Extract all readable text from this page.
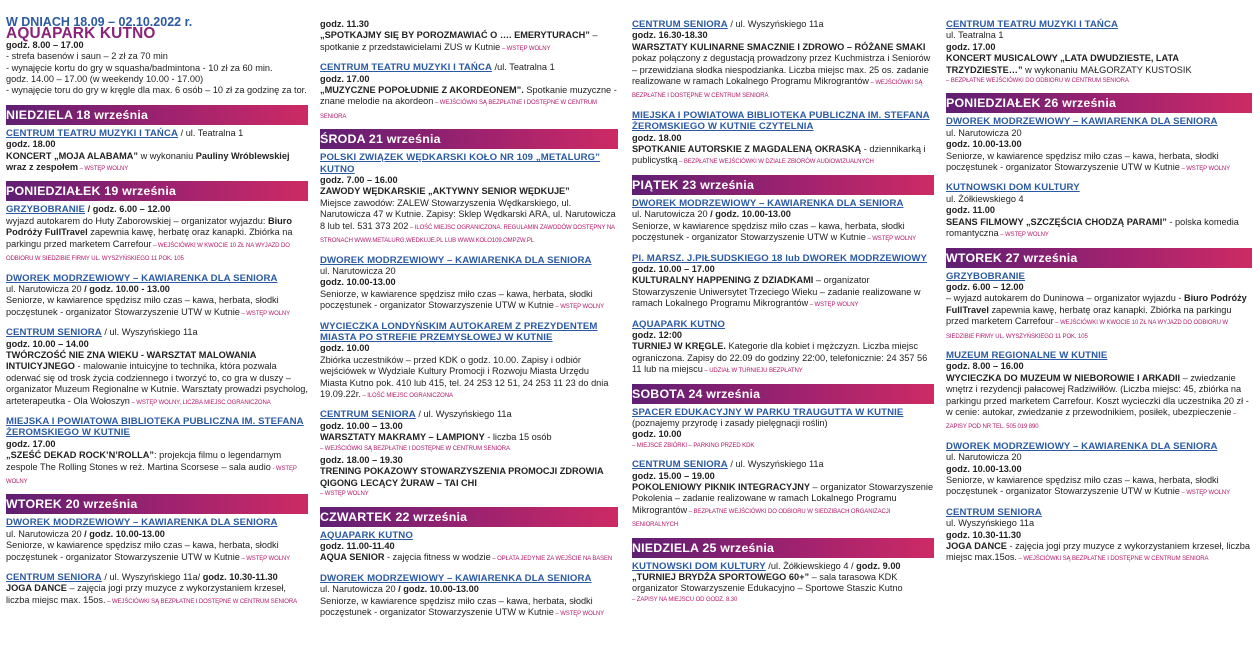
W DNIACH 18.09 – 02.10.2022 r.
AQUAPARK KUTNO

godz. 8.00 – 17.00

- strefa basenów i saun – 2 zł za 70 min

- wynajęcie kortu do gry w squasha/badmintona - 10 zł za 60 min.

godz. 14.00 – 17.00 (w weekendy 10.00 - 17.00)

- wynajęcie toru do gry w kręgle dla max. 6 osób – 10 zł za godzinę za tor.

NIEDZIELA 18 września
CENTRUM TEATRU MUZYKI I TAŃCA / ul. Teatralna 1

godz. 18.00

KONCERT „MOJA ALABAMA” w wykonaniu Pauliny Wróblewskiej wraz z zespołem – WSTĘP WOLNY

PONIEDZIAŁEK 19 września
GRZYBOBRANIE / godz. 6.00 – 12.00

wyjazd autokarem do Huty Zaborowskiej – organizator wyjazdu: Biuro Podróży FullTravel zapewnia kawę, herbatę oraz kanapki. Zbiórka na parkingu przed marketem Carrefour – WEJŚCIÓWKI W KWOCIE 10 ZŁ NA WYJAZD DO ODBIORU W SIEDZIBIE FIRMY UL. WYSZYŃSKIEGO 11 POK. 105

DWOREK MODRZEWIOWY – KAWIARENKA DLA SENIORA

ul. Narutowicza 20 / godz. 10.00 - 13.00

Seniorze, w kawiarence spędzisz miło czas – kawa, herbata, słodki poczęstunek - organizator Stowarzyszenie UTW w Kutnie – WSTĘP WOLNY

CENTRUM SENIORA / ul. Wyszyńskiego 11a

godz. 10.00 – 14.00

TWÓRCZOŚĆ NIE ZNA WIEKU - WARSZTAT MALOWANIA INTUICYJNEGO - malowanie intuicyjne to technika, która pozwala oderwać się od trosk życia codziennego i tworzyć to, co gra w duszy – organizator Muzeum Regionalne w Kutnie. Warsztaty prowadzi psycholog, arteterapeutka - Ola Wołoszyn – WSTĘP WOLNY, LICZBA MIEJSC OGRANICZONA

MIEJSKA I POWIATOWA BIBLIOTEKA PUBLICZNA IM. STEFANA ŻEROMSKIEGO W KUTNIE

godz. 17.00

„SZEŚĆ DEKAD ROCK’N’ROLLA”: projekcja filmu o legendarnym zespole The Rolling Stones w reż. Martina Scorsese – sala audio - WSTĘP WOLNY

WTOREK 20 września
DWOREK MODRZEWIOWY – KAWIARENKA DLA SENIORA

ul. Narutowicza 20 / godz. 10.00-13.00

Seniorze, w kawiarence spędzisz miło czas – kawa, herbata, słodki poczęstunek - organizator Stowarzyszenie UTW w Kutnie – WSTĘP WOLNY

CENTRUM SENIORA / ul. Wyszyńskiego 11a/ godz. 10.30-11.30

JOGA DANCE – zajęcia jogi przy muzyce z wykorzystaniem krzeseł, liczba miejsc max. 15os. – WEJŚCIÓWKI SĄ BEZPŁATNE I DOSTĘPNE W CENTRUM SENIORA

godz. 11.30

„SPOTKAJMY SIĘ BY POROZMAWIAĆ O …. EMERYTURACH” – spotkanie z przedstawicielami ZUS w Kutnie – WSTĘP WOLNY

CENTRUM TEATRU MUZYKI I TAŃCA /ul. Teatralna 1

godz. 17.00

„MUZYCZNE POPOŁUDNIE Z AKORDEONEM”. Spotkanie muzyczne - znane melodie na akordeon – WEJŚCIÓWKI SĄ BEZPŁATNE I DOSTĘPNE W CENTRUM SENIORA

ŚRODA 21 września
POLSKI ZWIĄZEK WĘDKARSKI KOŁO NR 109 „METALURG” KUTNO

godz. 7.00 – 16.00

ZAWODY WĘDKARSKIE „AKTYWNY SENIOR WĘDKUJE”

Miejsce zawodów: ZALEW Stowarzyszenia Wędkarskiego, ul. Narutowicza 47 w Kutnie. Zapisy: Sklep Wędkarski ARA, ul. Narutowicza 8 lub tel. 531 373 202 – ILOŚĆ MIEJSC OGRANICZONA. REGULAMIN ZAWODÓW DOSTĘPNY NA STRONACH WWW.METALURG.WEDKUJE.PL LUB WWW.KOLO109.OMPZW.PL

DWOREK MODRZEWIOWY – KAWIARENKA DLA SENIORA

ul. Narutowicza 20

godz. 10.00-13.00

Seniorze, w kawiarence spędzisz miło czas – kawa, herbata, słodki poczęstunek - organizator Stowarzyszenie UTW w Kutnie – WSTĘP WOLNY

WYCIECZKA LONDYŃSKIM AUTOKAREM Z PREZYDENTEM MIASTA PO STREFIE PRZEMYSŁOWEJ W KUTNIE

godz. 10.00

Zbiórka uczestników – przed KDK o godz. 10.00. Zapisy i odbiór wejściówek w Wydziale Kultury Promocji i Rozwoju Miasta Urzędu Miasta Kutno pok. 410 lub 415, tel. 24 253 12 51, 24 253 11 23 do dnia 19.09.22r. – ILOŚĆ MIEJSC OGRANICZONA

CENTRUM SENIORA / ul. Wyszyńskiego 11a

godz. 10.00 – 13.00

WARSZTATY MAKRAMY – LAMPIONY - liczba 15 osób

– WEJŚCIÓWKI SĄ BEZPŁATNE I DOSTĘPNE W CENTRUM SENIORA

godz. 18.00 – 19.30

TRENING POKAZOWY STOWARZYSZENIA PROMOCJI ZDROWIA QIGONG LECĄCY ŻURAW – TAI CHI

– WSTĘP WOLNY

CZWARTEK 22 września
AQUAPARK KUTNO

godz. 11.00-11.40

AQUA SENIOR - zajęcia fitness w wodzie – OPŁATA JEDYNIE ZA WEJŚCIE NA BASEN

DWOREK MODRZEWIOWY – KAWIARENKA DLA SENIORA

ul. Narutowicza 20 / godz. 10.00-13.00

Seniorze, w kawiarence spędzisz miło czas – kawa, herbata, słodki poczęstunek - organizator Stowarzyszenie UTW w Kutnie – WSTĘP WOLNY

CENTRUM SENIORA / ul. Wyszyńskiego 11a

godz. 16.30-18.30

WARSZTATY KULINARNE SMACZNIE I ZDROWO – RÓŻANE SMAKI

pokaz połączony z degustacją prowadzony przez Kuchmistrza i Seniorów – przewidziana słodka niespodzianka. Liczba miejsc max. 25 os. zadanie realizowane w ramach Lokalnego Programu Mikrograntów – WEJŚCIÓWKI SĄ BEZPŁATNE I DOSTĘPNE W CENTRUM SENIORA

MIEJSKA I POWIATOWA BIBLIOTEKA PUBLICZNA IM. STEFANA ŻEROMSKIEGO W KUTNIE CZYTELNIA

godz. 18.00

SPOTKANIE AUTORSKIE Z MAGDALENĄ OKRASKĄ - dziennikarką i publicystką – BEZPŁATNE WEJŚCIÓWKI W DZIALE ZBIORÓW AUDIOWIZUALNYCH

PIĄTEK 23 września
DWOREK MODRZEWIOWY – KAWIARENKA DLA SENIORA

ul. Narutowicza 20 / godz. 10.00-13.00

Seniorze, w kawiarence spędzisz miło czas – kawa, herbata, słodki poczęstunek - organizator Stowarzyszenie UTW w Kutnie – WSTĘP WOLNY

Pl. MARSZ. J.PIŁSUDSKIEGO 18 lub DWOREK MODRZEWIOWY

godz. 10.00 – 17.00

KULTURALNY HAPPENING Z DZIADKAMI – organizator Stowarzyszenie Uniwersytet Trzeciego Wieku – zadanie realizowane w ramach Lokalnego Programu Mikrograntów – WSTĘP WOLNY

AQUAPARK KUTNO

godz. 12:00

TURNIEJ W KRĘGLE. Kategorie dla kobiet i mężczyzn. Liczba miejsc ograniczona. Zapisy do 22.09 do godziny 22:00, telefonicznie: 24 357 56 11 lub na miejscu – UDZIAŁ W TURNIEJU BEZPŁATNY

SOBOTA 24 września
SPACER EDUKACYJNY W PARKU TRAUGUTTA W KUTNIE

(poznajemy przyrodę i zasady pielęgnacji roślin)

godz. 10.00

– MIEJSCE ZBIÓRKI – PARKING PRZED KDK

CENTRUM SENIORA / ul. Wyszyńskiego 11a

godz. 15.00 – 19.00

POKOLENIOWY PIKNIK INTEGRACYJNY – organizator Stowarzyszenie Pokolenia – zadanie realizowane w ramach Lokalnego Programu Mikrograntów – BEZPŁATNE WEJŚCIÓWKI DO ODBIORU W SIEDZIBACH ORGANIZACJI SENIORALNYCH

NIEDZIELA 25 września
KUTNOWSKI DOM KULTURY /ul. Żółkiewskiego 4 / godz. 9.00

„TURNIEJ BRYDŻA SPORTOWEGO 60+” – sala tarasowa KDK organizator Stowarzyszenie Edukacyjno – Sportowe Staszic Kutno

– ZAPISY NA MIEJSCU OD GODZ. 8.30

CENTRUM TEATRU MUZYKI I TAŃCA

ul. Teatralna 1

godz. 17.00

KONCERT MUSICALOWY „LATA DWUDZIESTE, LATA TRZYDZIESTE…” w wykonaniu MAŁGORZATY KUSTOSIK

– BEZPŁATNE WEJŚCIÓWKI DO ODBIORU W CENTRUM SENIORA

PONIEDZIAŁEK 26 września
DWOREK MODRZEWIOWY – KAWIARENKA DLA SENIORA

ul. Narutowicza 20

godz. 10.00-13.00

Seniorze, w kawiarence spędzisz miło czas – kawa, herbata, słodki poczęstunek - organizator Stowarzyszenie UTW w Kutnie – WSTĘP WOLNY

KUTNOWSKI DOM KULTURY

ul. Żółkiewskiego 4

godz. 11.00

SEANS FILMOWY „SZCZĘŚCIA CHODZĄ PARAMI” - polska komedia romantyczna – WSTĘP WOLNY

WTOREK 27 września
GRZYBOBRANIE

godz. 6.00 – 12.00

– wyjazd autokarem do Duninowa – organizator wyjazdu - Biuro Podróży FullTravel zapewnia kawę, herbatę oraz kanapki. Zbiórka na parkingu przed marketem Carrefour – WEJŚCIÓWKI W KWOCIE 10 ZŁ NA WYJAZD DO ODBIORU W SIEDZIBIE FIRMY UL. WYSZYŃSKIEGO 11 POK. 105

MUZEUM REGIONALNE W KUTNIE

godz. 8.00 – 16.00

WYCIECZKA DO MUZEUM W NIEBOROWIE I ARKADII – zwiedzanie wnętrz i rezydencji pałacowej Radziwiłłów. (Liczba miejsc: 45, zbiórka na parkingu przed marketem Carrefour. Koszt wycieczki dla uczestnika 20 zł - w cenie: autokar, zwiedzanie z przewodnikiem, posiłek, ubezpieczenie – ZAPISY POD NR TEL. 505 019 890

DWOREK MODRZEWIOWY – KAWIARENKA DLA SENIORA

ul. Narutowicza 20

godz. 10.00-13.00

Seniorze, w kawiarence spędzisz miło czas – kawa, herbata, słodki poczęstunek - organizator Stowarzyszenie UTW w Kutnie – WSTĘP WOLNY

CENTRUM SENIORA

ul. Wyszyńskiego 11a

godz. 10.30-11.30

JOGA DANCE - zajęcia jogi przy muzyce z wykorzystaniem krzeseł, liczba miejsc max.15os. – WEJŚCIÓWKI SĄ BEZPŁATNE I DOSTĘPNE W CENTRUM SENIORA
